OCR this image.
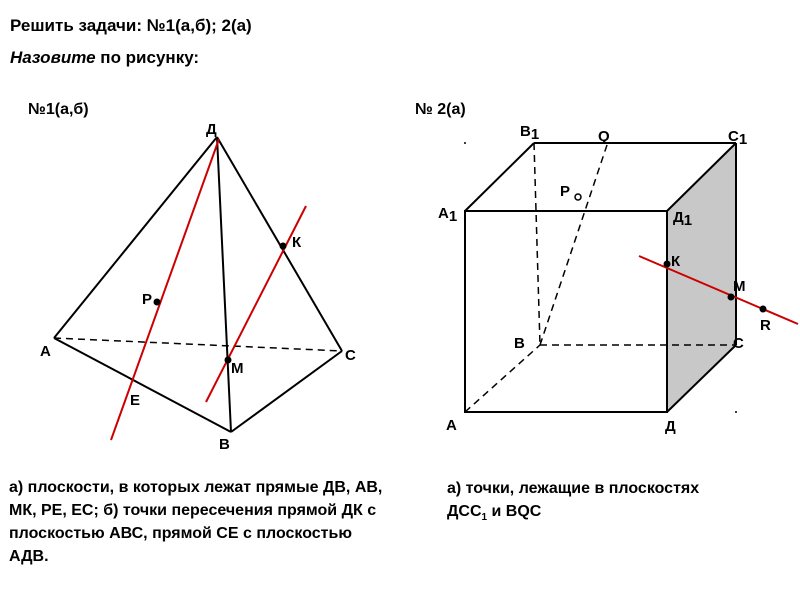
Решить задачи: №1(а,б); 2(а)
Назовите по рисунку:
№1(а,б)	№ 2(а)
Д
А
В
С
К
Р
М
Е
В1	Q	С1
А1	Д1
Р
К
М
R
В	С
А	Д
а) плоскости, в которых лежат прямые ДВ, АВ, МК, РЕ, ЕС; б) точки пересечения прямой ДК с плоскостью АВС, прямой СЕ с плоскостью АДВ.
а) точки, лежащие в плоскостях
$ДСС_1$ и ВQС
